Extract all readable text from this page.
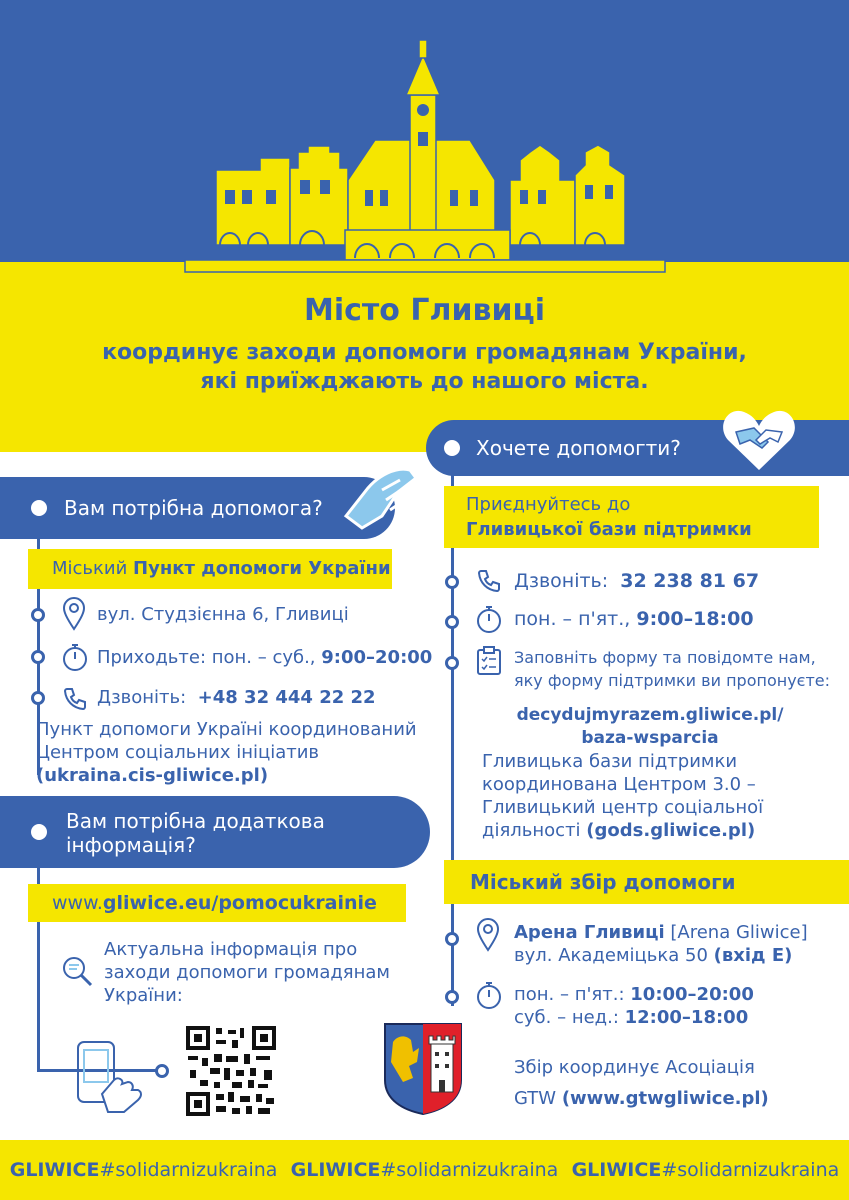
Місто Гливиці
координує заходи допомоги громадянам України,
які приїжджають до нашого міста.
Хочете допомогти?
Вам потрібна допомога?
Міський Пункт допомоги України
вул. Студзієнна 6, Гливиці
Приходьте: пон. – суб., 9:00–20:00
Дзвоніть: +48 32 444 22 22
Пункт допомоги Україні координований
Центром соціальних ініціатив
(ukraina.cis-gliwice.pl)
Вам потрібна додаткова
інформація?
www.gliwice.eu/pomocukrainie
Актуальна інформація про
заходи допомоги громадянам
України:
Приєднуйтесь до
Гливицької бази підтримки
Дзвоніть: 32 238 81 67
пон. – п'ят., 9:00–18:00
Заповніть форму та повідомте нам,
яку форму підтримки ви пропонуєте:
decydujmyrazem.gliwice.pl/
baza-wsparcia
Гливицька бази підтримки
координована Центром 3.0 –
Гливицький центр соціальної
діяльності (gods.gliwice.pl)
Міський збір допомоги
Арена Гливиці [Arena Gliwice]
вул. Академіцька 50 (вхід E)
пон. – п'ят.: 10:00–20:00
суб. – нед.: 12:00–18:00
Збір координує Асоціація
GTW (www.gtwgliwice.pl)
GLIWICE #solidarnizukraina
GLIWICE #solidarnizukraina
GLIWICE #solidarnizukraina
